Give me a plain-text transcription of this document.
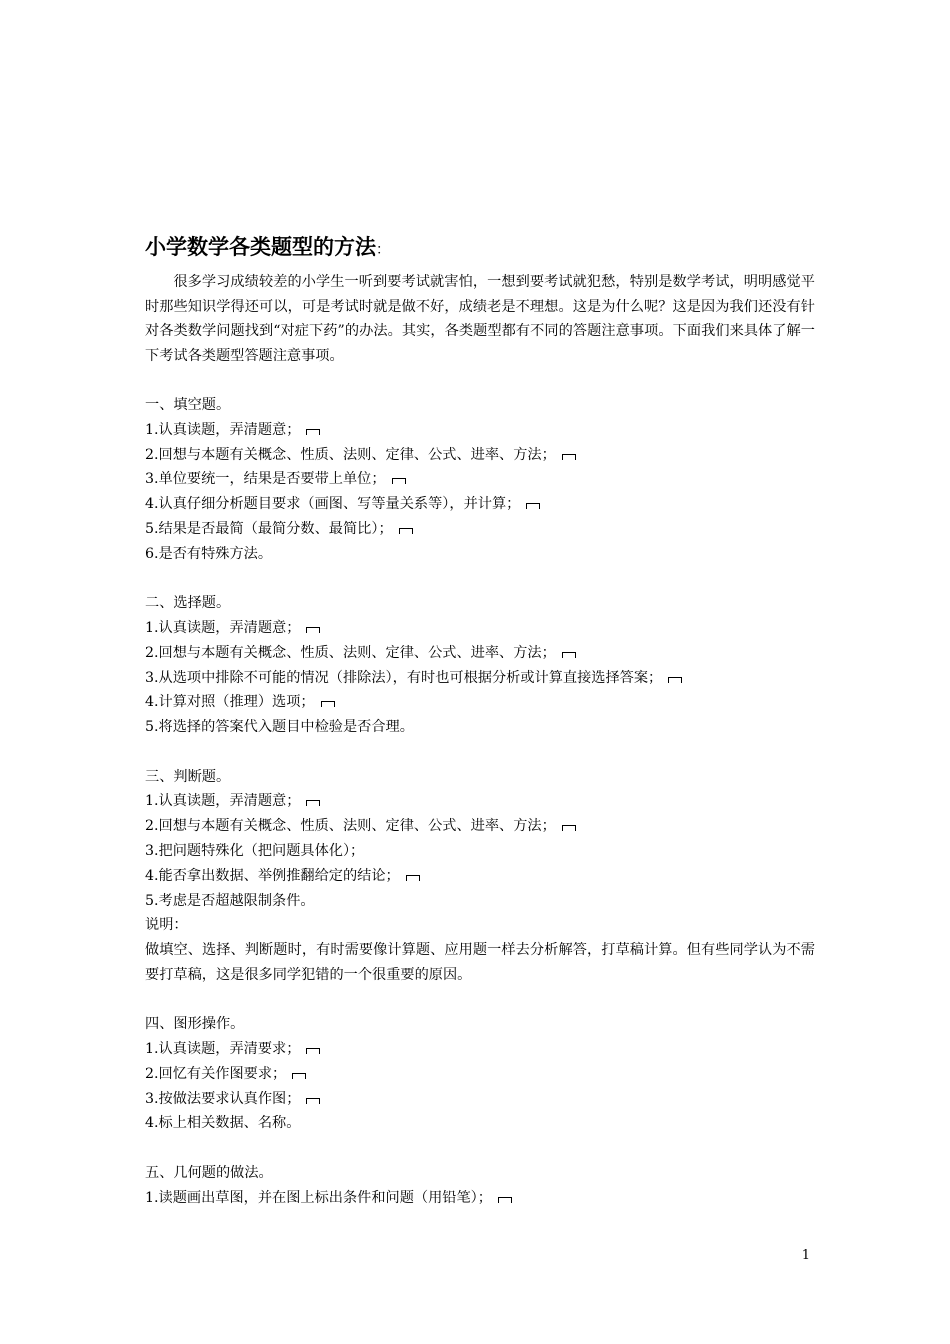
小学数学各类题型的方法：
很多学习成绩较差的小学生一听到要考试就害怕，一想到要考试就犯愁，特别是数学考试，明明感觉平时那些知识学得还可以，可是考试时就是做不好，成绩老是不理想。这是为什么呢？这是因为我们还没有针对各类数学问题找到“对症下药”的办法。其实，各类题型都有不同的答题注意事项。下面我们来具体了解一下考试各类题型答题注意事项。
一、填空题。
1.认真读题，弄清题意；
2.回想与本题有关概念、性质、法则、定律、公式、进率、方法；
3.单位要统一，结果是否要带上单位；
4.认真仔细分析题目要求（画图、写等量关系等），并计算；
5.结果是否最简（最简分数、最简比）；
6.是否有特殊方法。
二、选择题。
1.认真读题，弄清题意；
2.回想与本题有关概念、性质、法则、定律、公式、进率、方法；
3.从选项中排除不可能的情况（排除法），有时也可根据分析或计算直接选择答案；
4.计算对照（推理）选项；
5.将选择的答案代入题目中检验是否合理。
三、判断题。
1.认真读题，弄清题意；
2.回想与本题有关概念、性质、法则、定律、公式、进率、方法；
3.把问题特殊化（把问题具体化）；
4.能否拿出数据、举例推翻给定的结论；
5.考虑是否超越限制条件。
说明：
做填空、选择、判断题时，有时需要像计算题、应用题一样去分析解答，打草稿计算。但有些同学认为不需要打草稿，这是很多同学犯错的一个很重要的原因。
四、图形操作。
1.认真读题，弄清要求；
2.回忆有关作图要求；
3.按做法要求认真作图；
4.标上相关数据、名称。
五、几何题的做法。
1.读题画出草图，并在图上标出条件和问题（用铅笔）；
1
